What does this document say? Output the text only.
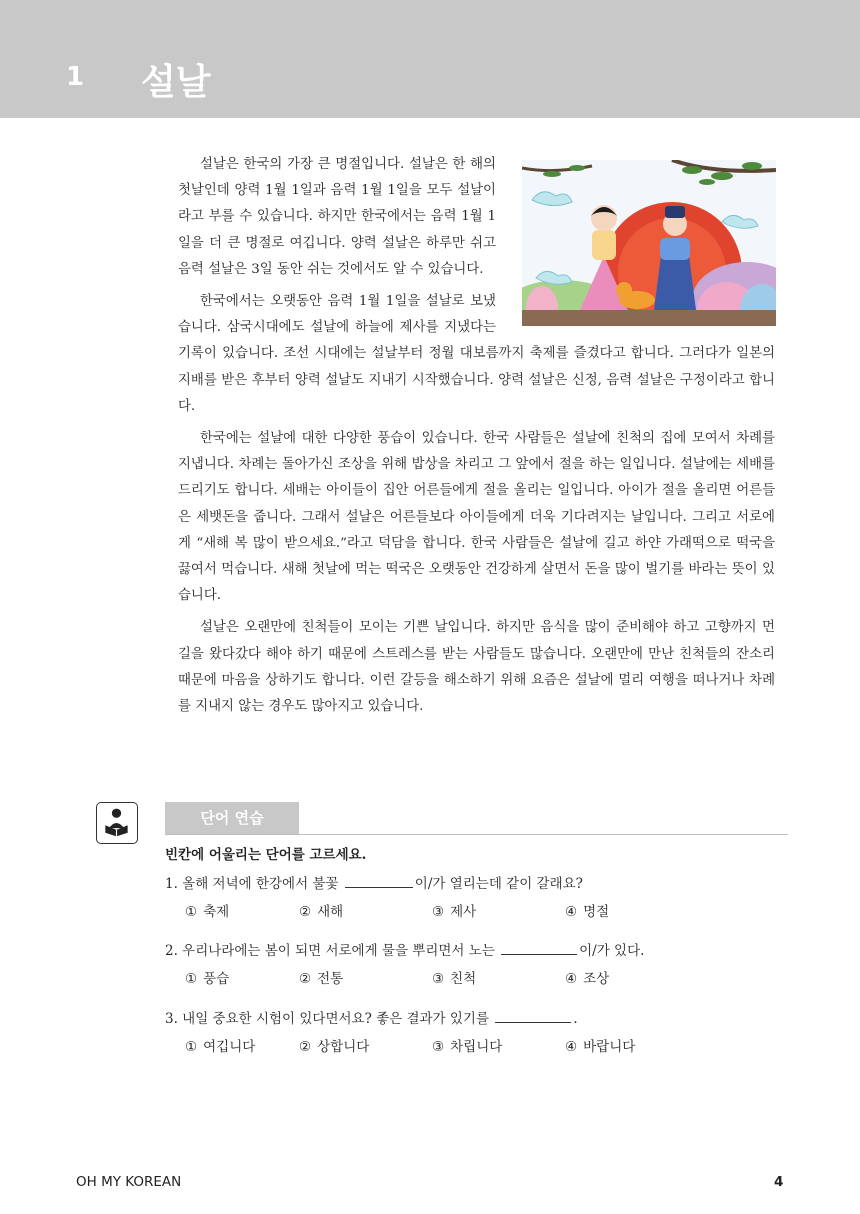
1 설날

설날은 한국의 가장 큰 명절입니다. 설날은 한 해의 첫날인데 양력 1월 1일과 음력 1월 1일을 모두 설날이라고 부를 수 있습니다. 하지만 한국에서는 음력 1월 1일을 더 큰 명절로 여깁니다. 양력 설날은 하루만 쉬고 음력 설날은 3일 동안 쉬는 것에서도 알 수 있습니다.

한국에서는 오랫동안 음력 1월 1일을 설날로 보냈습니다. 삼국시대에도 설날에 하늘에 제사를 지냈다는 기록이 있습니다. 조선 시대에는 설날부터 정월 대보름까지 축제를 즐겼다고 합니다. 그러다가 일본의 지배를 받은 후부터 양력 설날도 지내기 시작했습니다. 양력 설날은 신정, 음력 설날은 구정이라고 합니다.

한국에는 설날에 대한 다양한 풍습이 있습니다. 한국 사람들은 설날에 친척의 집에 모여서 차례를 지냅니다. 차례는 돌아가신 조상을 위해 밥상을 차리고 그 앞에서 절을 하는 일입니다. 설날에는 세배를 드리기도 합니다. 세배는 아이들이 집안 어른들에게 절을 올리는 일입니다. 아이가 절을 올리면 어른들은 세뱃돈을 줍니다. 그래서 설날은 어른들보다 아이들에게 더욱 기다려지는 날입니다. 그리고 서로에게 “새해 복 많이 받으세요.”라고 덕담을 합니다. 한국 사람들은 설날에 길고 하얀 가래떡으로 떡국을 끓여서 먹습니다. 새해 첫날에 먹는 떡국은 오랫동안 건강하게 살면서 돈을 많이 벌기를 바라는 뜻이 있습니다.

설날은 오랜만에 친척들이 모이는 기쁜 날입니다. 하지만 음식을 많이 준비해야 하고 고향까지 먼 길을 왔다갔다 해야 하기 때문에 스트레스를 받는 사람들도 많습니다. 오랜만에 만난 친척들의 잔소리 때문에 마음을 상하기도 합니다. 이런 갈등을 해소하기 위해 요즘은 설날에 멀리 여행을 떠나거나 차례를 지내지 않는 경우도 많아지고 있습니다.

단어 연습

빈칸에 어울리는 단어를 고르세요.

1. 올해 저녁에 한강에서 불꽃	이/가 열리는데 같이 갈래요?
① 축제	② 새해	③ 제사	④ 명절
2. 우리나라에는 봄이 되면 서로에게 물을 뿌리면서 노는	이/가 있다.
① 풍습	② 전통	③ 친척	④ 조상
3. 내일 중요한 시험이 있다면서요? 좋은 결과가 있기를	.
① 여깁니다	② 상합니다	③ 차립니다	④ 바랍니다
OH MY KOREAN	4
